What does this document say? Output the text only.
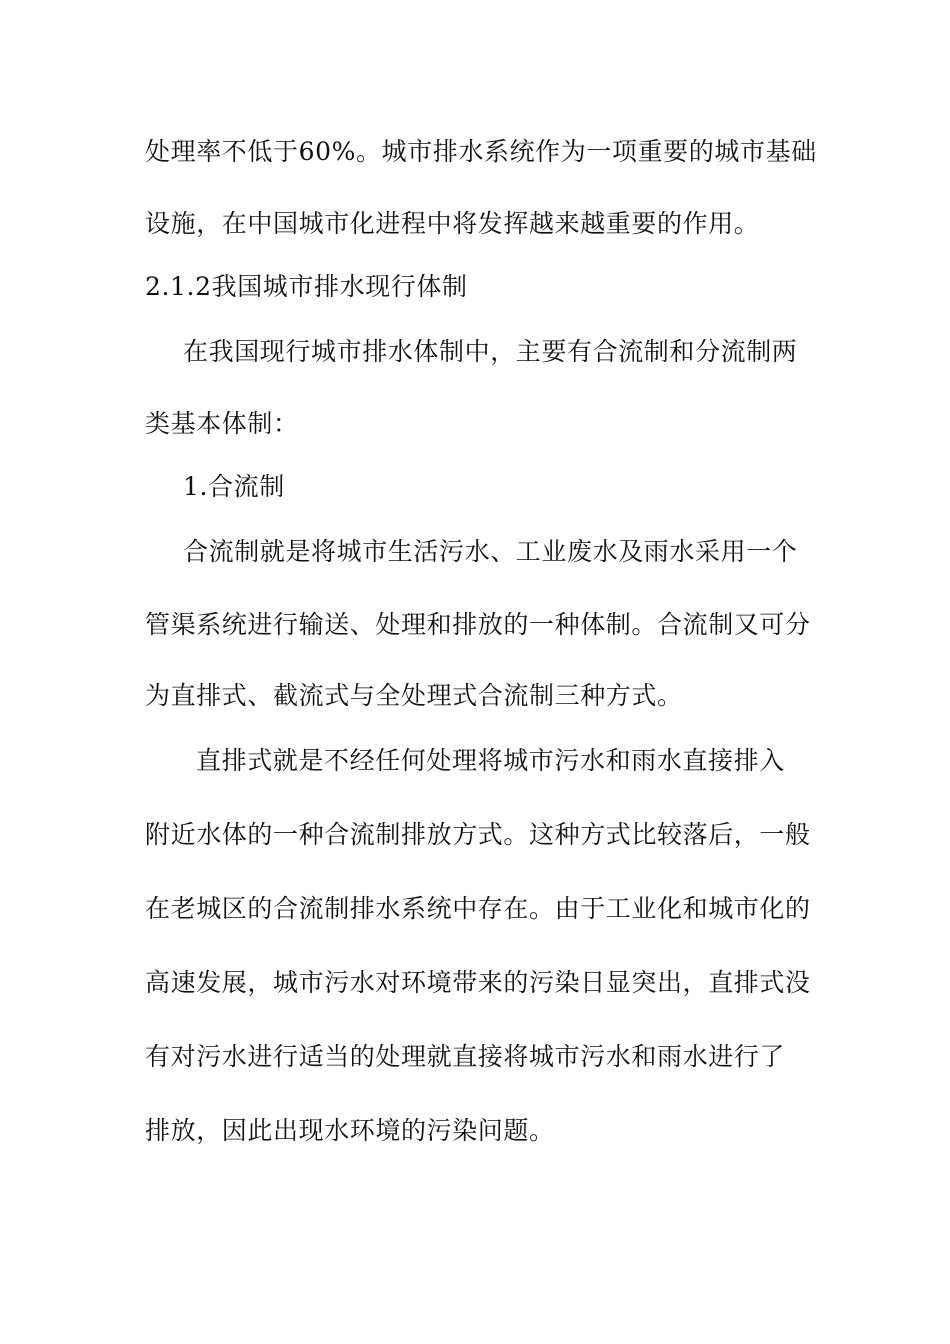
处理率不低于60%。城市排水系统作为一项重要的城市基础
设施，在中国城市化进程中将发挥越来越重要的作用。
2.1.2我国城市排水现行体制
在我国现行城市排水体制中，主要有合流制和分流制两
类基本体制：
1.合流制
合流制就是将城市生活污水、工业废水及雨水采用一个
管渠系统进行输送、处理和排放的一种体制。合流制又可分
为直排式、截流式与全处理式合流制三种方式。
直排式就是不经任何处理将城市污水和雨水直接排入
附近水体的一种合流制排放方式。这种方式比较落后，一般
在老城区的合流制排水系统中存在。由于工业化和城市化的
高速发展，城市污水对环境带来的污染日显突出，直排式没
有对污水进行适当的处理就直接将城市污水和雨水进行了
排放，因此出现水环境的污染问题。
